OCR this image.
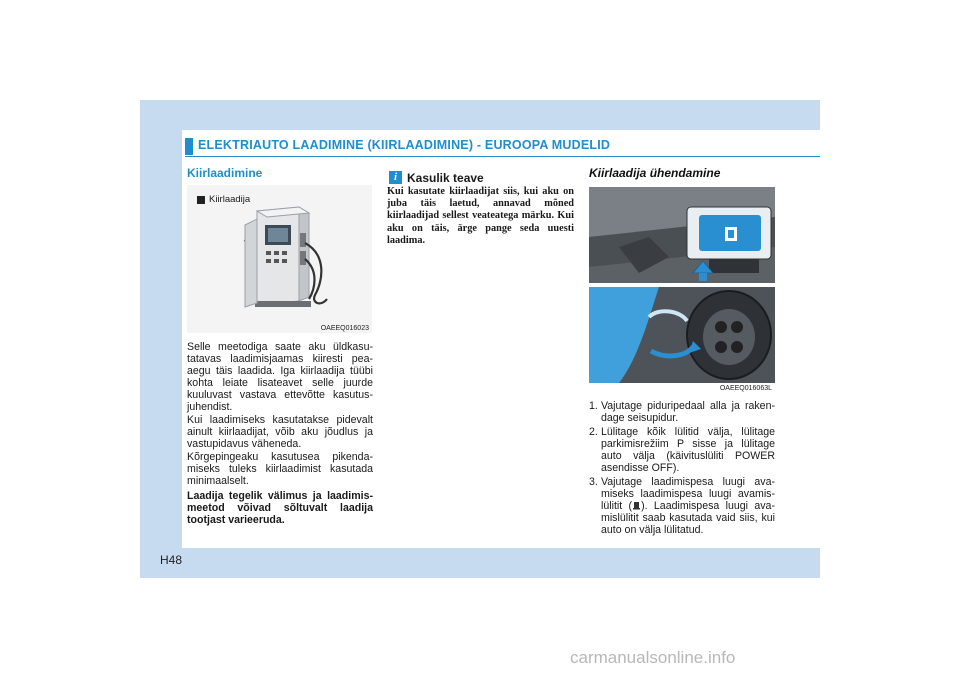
ELEKTRIAUTO LAADIMINE (KIIRLAADIMINE) - EUROOPA MUDELID
Kiirlaadimine
Kiirlaadija
OAEEQ016023

Selle meetodiga saate aku üldkasu-tatavas laadimisjaamas kiiresti pea-aegu täis laadida. Iga kiirlaadija tüübi kohta leiate lisateavet selle juurde kuuluvast vastava ettevõtte kasutus-juhendist.

Kui laadimiseks kasutatakse pidevalt ainult kiirlaadijat, võib aku jõudlus ja vastupidavus väheneda.

Kõrgepingeaku kasutusea pikenda-miseks tuleks kiirlaadimist kasutada minimaalselt.

Laadija tegelik välimus ja laadimis-meetod võivad sõltuvalt laadija tootjast varieeruda.

i Kasulik teave
Kui kasutate kiirlaadijat siis, kui aku on juba täis laetud, annavad mõned kiirlaadijad sellest veateatega märku. Kui aku on täis, ärge pange seda uuesti laadima.
Kiirlaadija ühendamine
OAEEQ016063L
1. Vajutage piduripedaal alla ja raken-dage seisupidur.
2. Lülitage kõik lülitid välja, lülitage parkimisrežiim P sisse ja lülitage auto välja (käivituslüliti POWER asendisse OFF).
3. Vajutage laadimispesa luugi ava-miseks laadimispesa luugi avamis-lülitit ( ). Laadimispesa luugi ava-mislülitit saab kasutada vaid siis, kui auto on välja lülitatud.
H48
carmanualsonline.info
